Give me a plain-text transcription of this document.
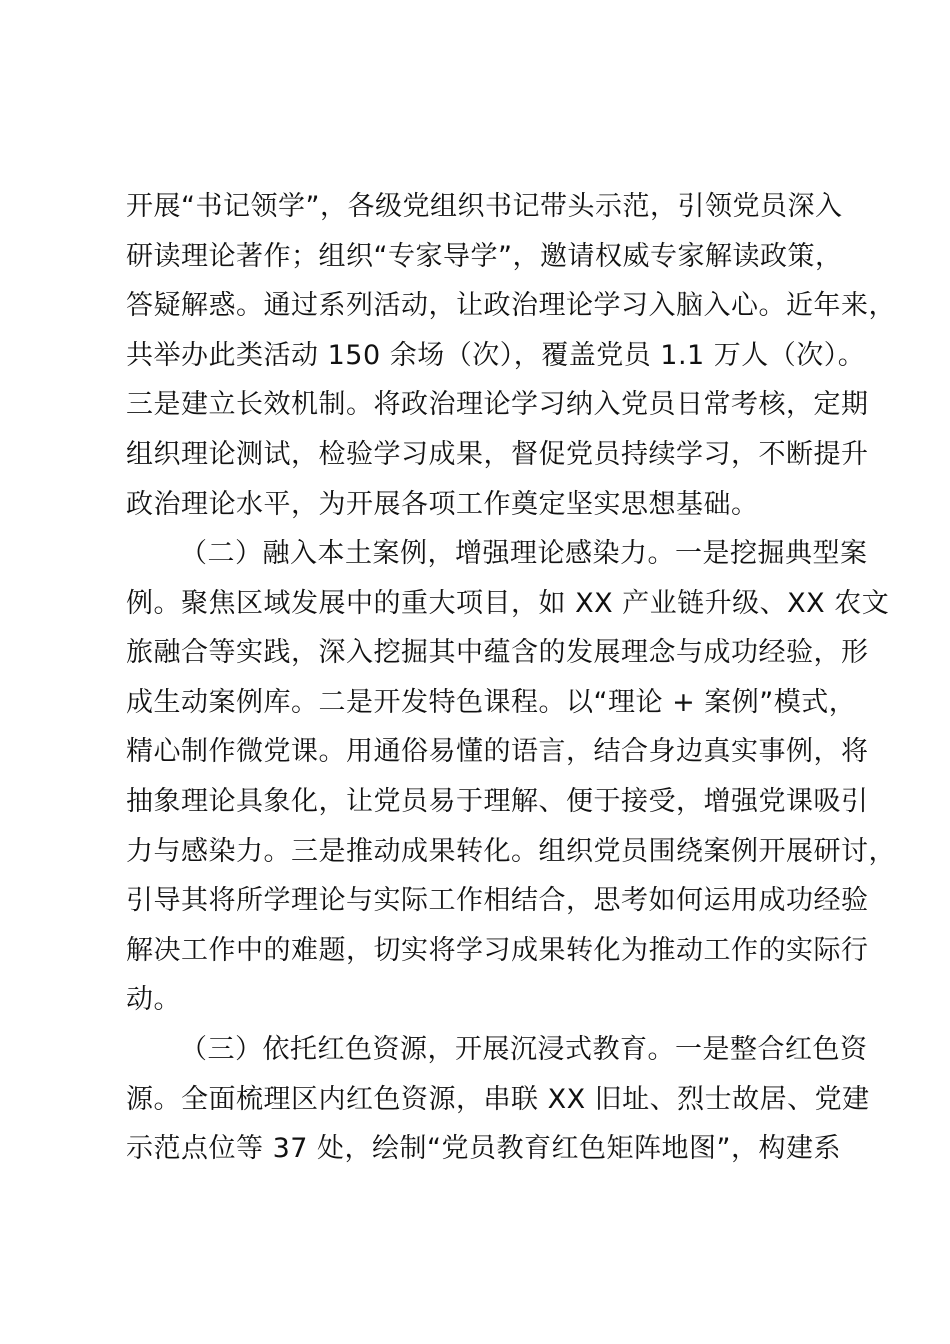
开展“书记领学”，各级党组织书记带头示范，引领党员深入
研读理论著作；组织“专家导学”，邀请权威专家解读政策，
答疑解惑。通过系列活动，让政治理论学习入脑入心。近年来，
共举办此类活动 150 余场（次），覆盖党员 1.1 万人（次）。
三是建立长效机制。将政治理论学习纳入党员日常考核，定期
组织理论测试，检验学习成果，督促党员持续学习，不断提升
政治理论水平，为开展各项工作奠定坚实思想基础。
（二）融入本土案例，增强理论感染力。一是挖掘典型案
例。聚焦区域发展中的重大项目，如 XX 产业链升级、XX 农文
旅融合等实践，深入挖掘其中蕴含的发展理念与成功经验，形
成生动案例库。二是开发特色课程。以“理论 + 案例”模式，
精心制作微党课。用通俗易懂的语言，结合身边真实事例，将
抽象理论具象化，让党员易于理解、便于接受，增强党课吸引
力与感染力。三是推动成果转化。组织党员围绕案例开展研讨，
引导其将所学理论与实际工作相结合，思考如何运用成功经验
解决工作中的难题，切实将学习成果转化为推动工作的实际行
动。
（三）依托红色资源，开展沉浸式教育。一是整合红色资
源。全面梳理区内红色资源，串联 XX 旧址、烈士故居、党建
示范点位等 37 处，绘制“党员教育红色矩阵地图”，构建系
